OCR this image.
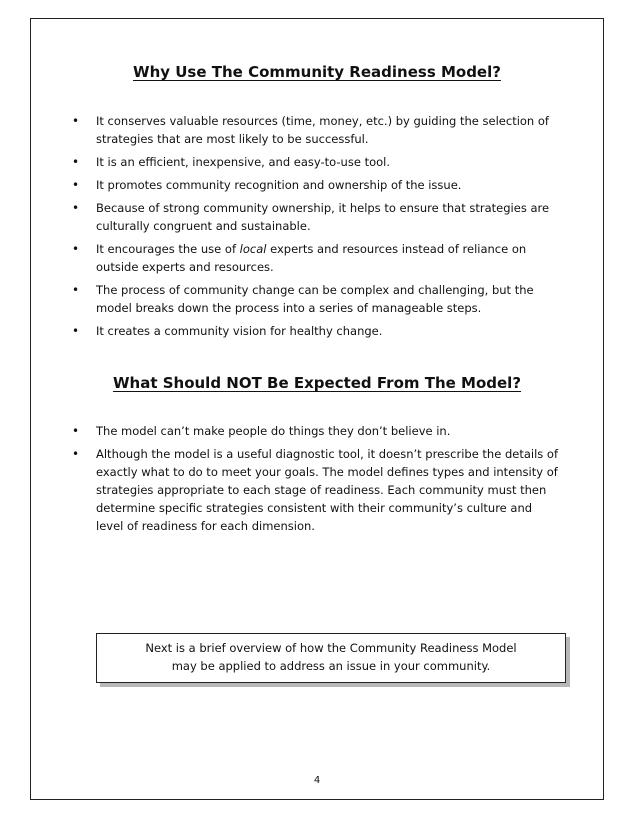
Why Use The Community Readiness Model?
• It conserves valuable resources (time, money, etc.) by guiding the selection of strategies that are most likely to be successful.
• It is an efficient, inexpensive, and easy-to-use tool.
• It promotes community recognition and ownership of the issue.
• Because of strong community ownership, it helps to ensure that strategies are culturally congruent and sustainable.
• It encourages the use of local experts and resources instead of reliance on outside experts and resources.
• The process of community change can be complex and challenging, but the model breaks down the process into a series of manageable steps.
• It creates a community vision for healthy change.
What Should NOT Be Expected From The Model?
• The model can’t make people do things they don’t believe in.
• Although the model is a useful diagnostic tool, it doesn’t prescribe the details of exactly what to do to meet your goals. The model defines types and intensity of strategies appropriate to each stage of readiness. Each community must then determine specific strategies consistent with their community’s culture and level of readiness for each dimension.
Next is a brief overview of how the Community Readiness Model
may be applied to address an issue in your community.
4
